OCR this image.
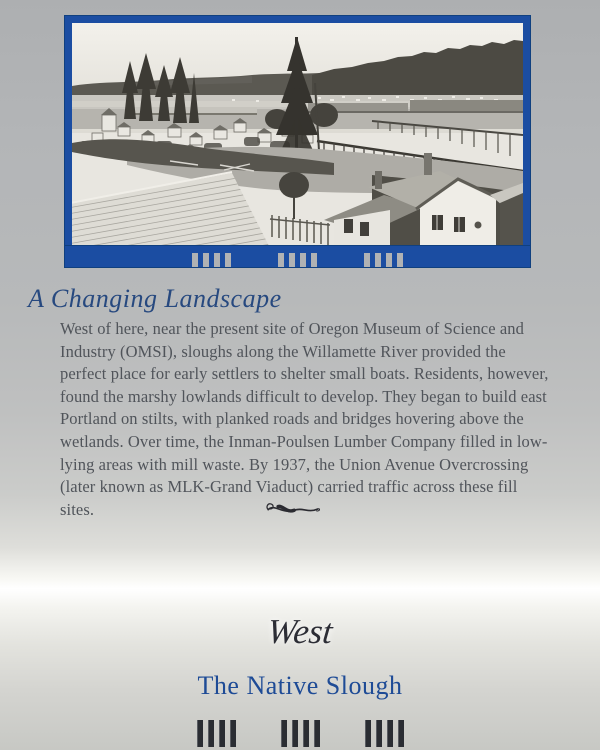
A Changing Landscape
West of here, near the present site of Oregon Museum of Science and Industry (OMSI), sloughs along the Willamette River provided the perfect place for early settlers to shelter small boats. Residents, however, found the marshy lowlands difficult to develop. They began to build east Portland on stilts, with planked roads and bridges hovering above the wetlands. Over time, the Inman-Poulsen Lumber Company filled in low-lying areas with mill waste. By 1937, the Union Avenue Overcrossing (later known as MLK-Grand Viaduct) carried traffic across these fill sites.
West
The Native Slough
